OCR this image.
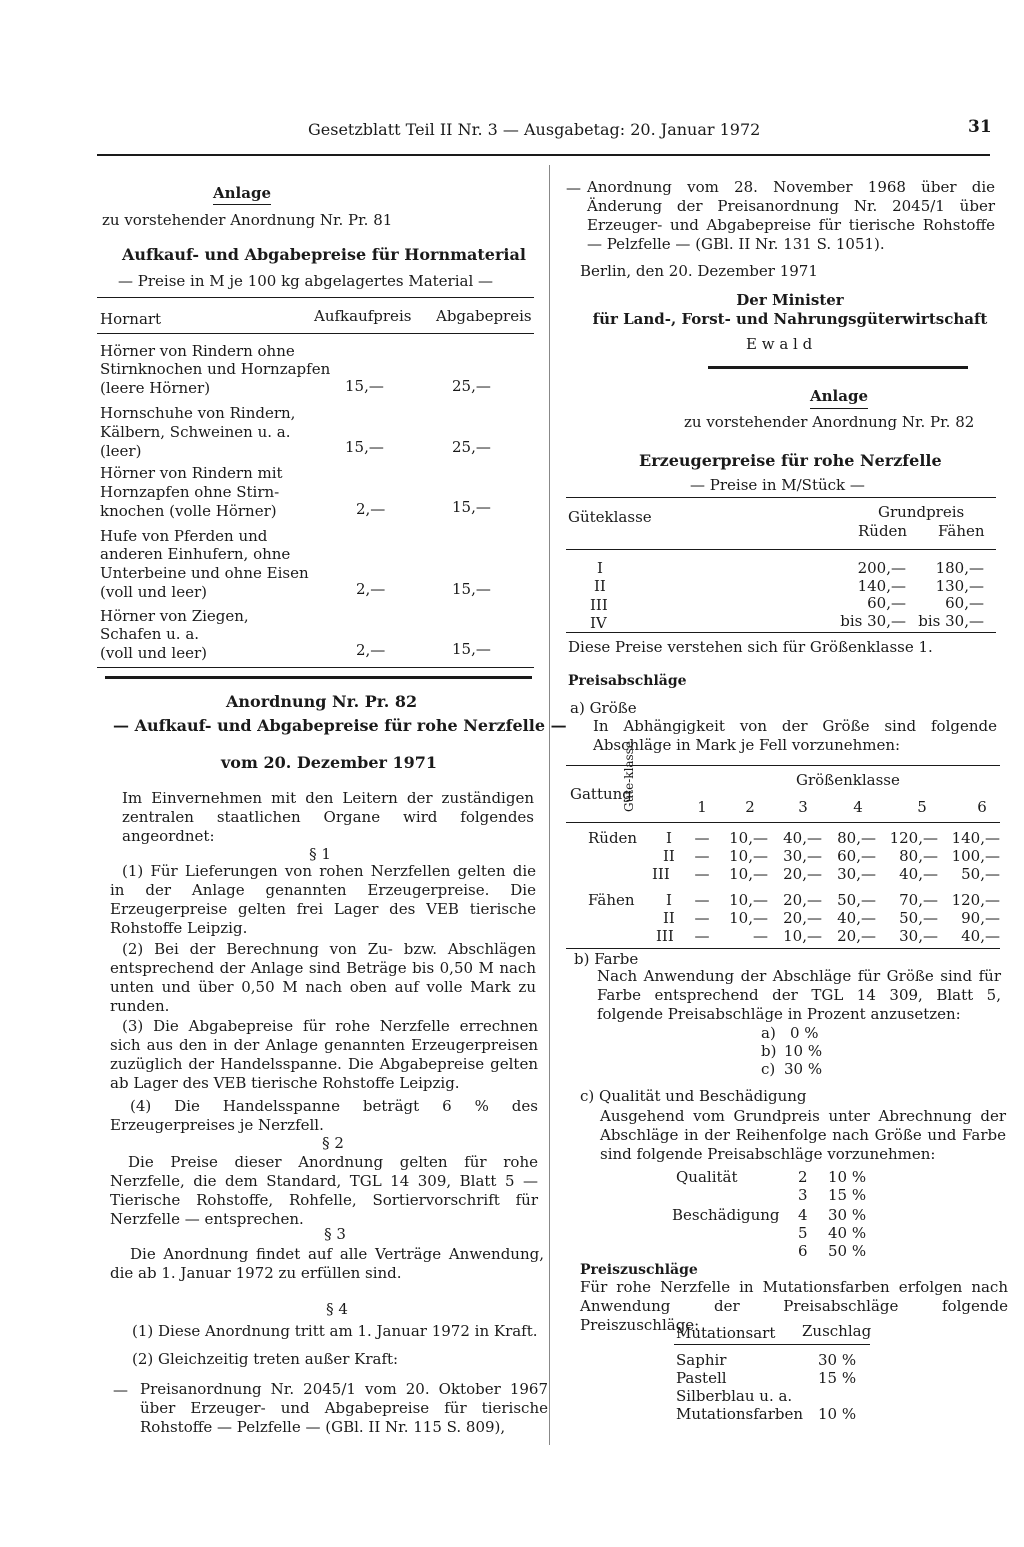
Gesetzblatt Teil II Nr. 3 — Ausgabetag: 20. Januar 1972	31
Anlage
zu vorstehender Anordnung Nr. Pr. 81
Aufkauf- und Abgabepreise für Hornmaterial
— Preise in M je 100 kg abgelagertes Material —
Hornart	Aufkaufpreis Abgabepreis
Hörner von Rindern ohne
Stirnknochen und Hornzapfen
(leere Hörner)	15,—	25,—
Hornschuhe von Rindern,
Kälbern, Schweinen u. a.
(leer)	15,—	25,—
Hörner von Rindern mit
Hornzapfen ohne Stirn-
knochen (volle Hörner)	2,—	15,—
Hufe von Pferden und
anderen Einhufern, ohne
Unterbeine und ohne Eisen
(voll und leer)	2,—	15,—
Hörner von Ziegen,
Schafen u. a.
(voll und leer)	2,—	15,—
Anordnung Nr. Pr. 82
— Aufkauf- und Abgabepreise für rohe Nerzfelle —
vom 20. Dezember 1971
Im Einvernehmen mit den Leitern der zuständigen zentralen staatlichen Organe wird folgendes angeordnet:
§ 1
(1) Für Lieferungen von rohen Nerzfellen gelten die in der Anlage genannten Erzeugerpreise. Die Erzeugerpreise gelten frei Lager des VEB tierische Rohstoffe Leipzig.
(2) Bei der Berechnung von Zu- bzw. Abschlägen entsprechend der Anlage sind Beträge bis 0,50 M nach unten und über 0,50 M nach oben auf volle Mark zu runden.
(3) Die Abgabepreise für rohe Nerzfelle errechnen sich aus den in der Anlage genannten Erzeugerpreisen zuzüglich der Handelsspanne. Die Abgabepreise gelten ab Lager des VEB tierische Rohstoffe Leipzig.
(4) Die Handelsspanne beträgt 6 % des Erzeugerpreises je Nerzfell.
§ 2
Die Preise dieser Anordnung gelten für rohe Nerzfelle, die dem Standard, TGL 14 309, Blatt 5 — Tierische Rohstoffe, Rohfelle, Sortiervorschrift für Nerzfelle — entsprechen.
§ 3
Die Anordnung findet auf alle Verträge Anwendung, die ab 1. Januar 1972 zu erfüllen sind.
§ 4
(1) Diese Anordnung tritt am 1. Januar 1972 in Kraft.
(2) Gleichzeitig treten außer Kraft:
— Preisanordnung Nr. 2045/1 vom 20. Oktober 1967 über Erzeuger- und Abgabepreise für tierische Rohstoffe — Pelzfelle — (GBl. II Nr. 115 S. 809),
— Anordnung vom 28. November 1968 über die Änderung der Preisanordnung Nr. 2045/1 über Erzeuger- und Abgabepreise für tierische Rohstoffe — Pelzfelle — (GBl. II Nr. 131 S. 1051).
Berlin, den 20. Dezember 1971
Der Minister
für Land-, Forst- und Nahrungsgüterwirtschaft
E w a l d
Anlage
zu vorstehender Anordnung Nr. Pr. 82
Erzeugerpreise für rohe Nerzfelle
— Preise in M/Stück —
Güteklasse	Grundpreis
Rüden Fähen
I	200,—	180,—
II	140,—	130,—
III	60,—	60,—
IV	bis 30,— bis 30,—
Diese Preise verstehen sich für Größenklasse 1.
Preisabschläge
a) Größe
In Abhängigkeit von der Größe sind folgende Abschläge in Mark je Fell vorzunehmen:
Gattung
Güte-klasse	Größenklasse
1	2	3	4	5	6
Rüden I	—	10,—	40,—	80,— 120,— 140,—
II	—	10,—	30,—	60,—	80,— 100,—
III	—	10,—	20,—	30,—	40,—	50,—
Fähen I	—	10,—	20,—	50,—	70,— 120,—
II	—	10,—	20,—	40,—	50,—	90,—
III	—	—	10,—	20,—	30,—	40,—
b) Farbe
Nach Anwendung der Abschläge für Größe sind für Farbe entsprechend der TGL 14 309, Blatt 5, folgende Preisabschläge in Prozent anzusetzen:
a) 0 %
b) 10 %
c) 30 %
c) Qualität und Beschädigung
Ausgehend vom Grundpreis unter Abrechnung der Abschläge in der Reihenfolge nach Größe und Farbe sind folgende Preisabschläge vorzunehmen:
Qualität	2 10 %
3 15 %
Beschädigung 4 30 %
5 40 %
6 50 %
Preiszuschläge
Für rohe Nerzfelle in Mutationsfarben erfolgen nach Anwendung der Preisabschläge folgende Preiszuschläge:
Mutationsart Zuschlag
Saphir	30 %
Pastell	15 %
Silberblau u. a.
Mutationsfarben 10 %
